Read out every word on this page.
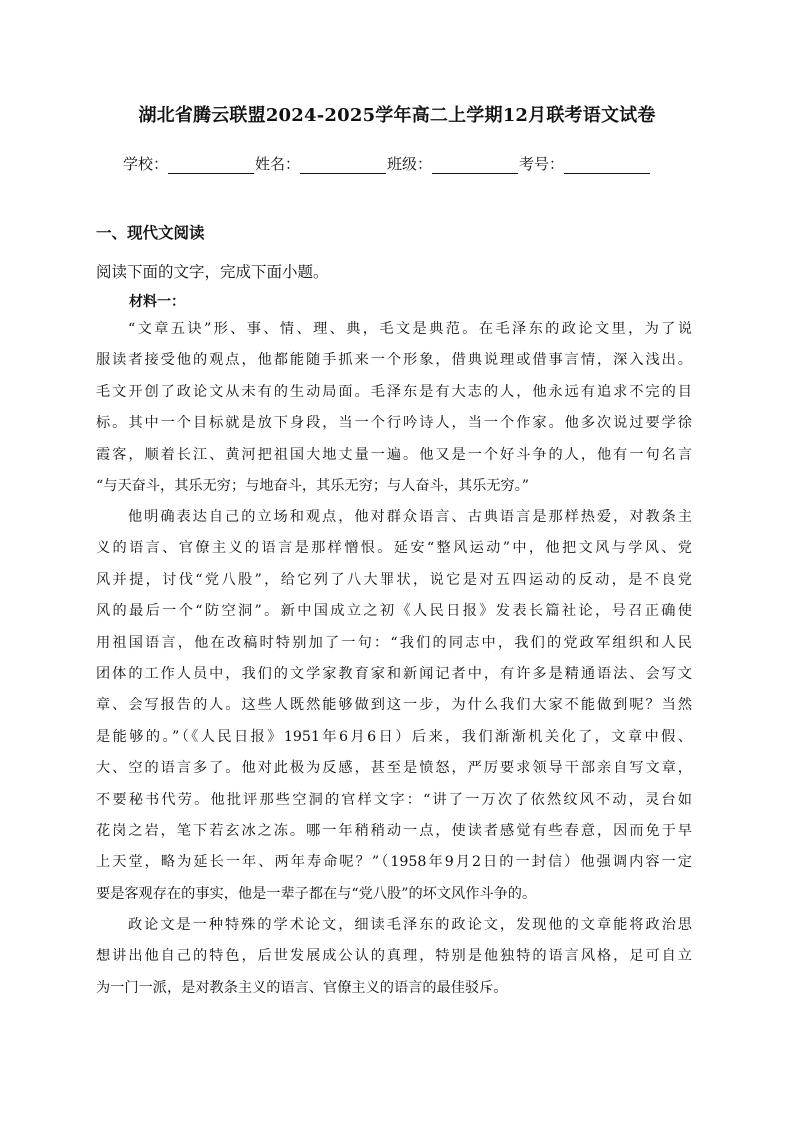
湖北省腾云联盟2024-2025学年高二上学期12月联考语文试卷
学校：	姓名：	班级：	考号：
一、现代文阅读
阅读下面的文字，完成下面小题。
材料一：
“文章五诀”形、事、情、理、典，毛文是典范。在毛泽东的政论文里，为了说
服读者接受他的观点，他都能随手抓来一个形象，借典说理或借事言情，深入浅出。
毛文开创了政论文从未有的生动局面。毛泽东是有大志的人，他永远有追求不完的目
标。其中一个目标就是放下身段，当一个行吟诗人，当一个作家。他多次说过要学徐
霞客，顺着长江、黄河把祖国大地丈量一遍。他又是一个好斗争的人，他有一句名言
“与天奋斗，其乐无穷；与地奋斗，其乐无穷；与人奋斗，其乐无穷。”
他明确表达自己的立场和观点，他对群众语言、古典语言是那样热爱，对教条主
义的语言、官僚主义的语言是那样憎恨。延安“整风运动”中，他把文风与学风、党
风并提，讨伐“党八股”，给它列了八大罪状，说它是对五四运动的反动，是不良党
风的最后一个“防空洞”。新中国成立之初《人民日报》发表长篇社论，号召正确使
用祖国语言，他在改稿时特别加了一句：“我们的同志中，我们的党政军组织和人民
团体的工作人员中，我们的文学家教育家和新闻记者中，有许多是精通语法、会写文
章、会写报告的人。这些人既然能够做到这一步，为什么我们大家不能做到呢？当然
是能够的。”（《人民日报》1951年6月6日）后来，我们渐渐机关化了，文章中假、
大、空的语言多了。他对此极为反感，甚至是愤怒，严厉要求领导干部亲自写文章，
不要秘书代劳。他批评那些空洞的官样文字：“讲了一万次了依然纹风不动，灵台如
花岗之岩，笔下若玄冰之冻。哪一年稍稍动一点，使读者感觉有些春意，因而免于早
上天堂，略为延长一年、两年寿命呢？”（1958年9月2日的一封信）他强调内容一定
要是客观存在的事实，他是一辈子都在与“党八股”的坏文风作斗争的。
政论文是一种特殊的学术论文，细读毛泽东的政论文，发现他的文章能将政治思
想讲出他自己的特色，后世发展成公认的真理，特别是他独特的语言风格，足可自立
为一门一派，是对教条主义的语言、官僚主义的语言的最佳驳斥。
